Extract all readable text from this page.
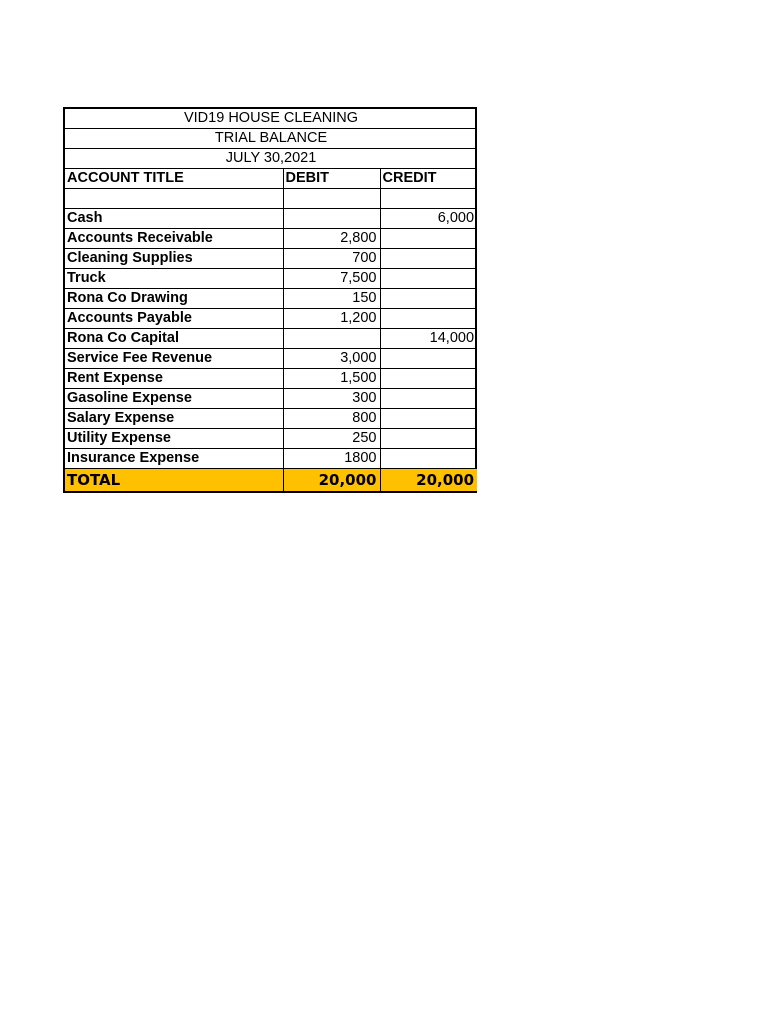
VID19 HOUSE CLEANING		
TRIAL BALANCE		
JULY 30,2021		
ACCOUNT TITLE	DEBIT	CREDIT

Cash		6,000
Accounts Receivable	2,800	
Cleaning Supplies	700	
Truck	7,500	
Rona Co Drawing	150	
Accounts Payable	1,200	
Rona Co Capital		14,000
Service Fee Revenue	3,000	
Rent Expense	1,500	
Gasoline Expense	300	
Salary Expense	800	
Utility Expense	250	
Insurance Expense	1800	
TOTAL	20,000	20,000
